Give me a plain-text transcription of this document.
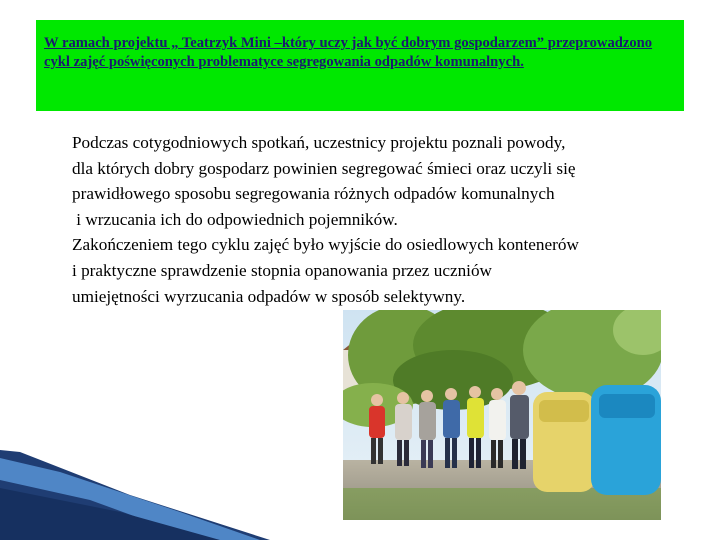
W ramach projektu „ Teatrzyk Mini –który uczy jak być dobrym gospodarzem” przeprowadzono cykl zajęć poświęconych problematyce segregowania odpadów komunalnych.

Podczas cotygodniowych spotkań, uczestnicy projektu poznali powody,

dla których dobry gospodarz powinien segregować śmieci oraz uczyli się

prawidłowego sposobu segregowania różnych odpadów komunalnych

i wrzucania ich do odpowiednich pojemników.

Zakończeniem tego cyklu zajęć było wyjście do osiedlowych kontenerów

i praktyczne sprawdzenie stopnia opanowania przez uczniów

umiejętności wyrzucania odpadów w sposób selektywny.
